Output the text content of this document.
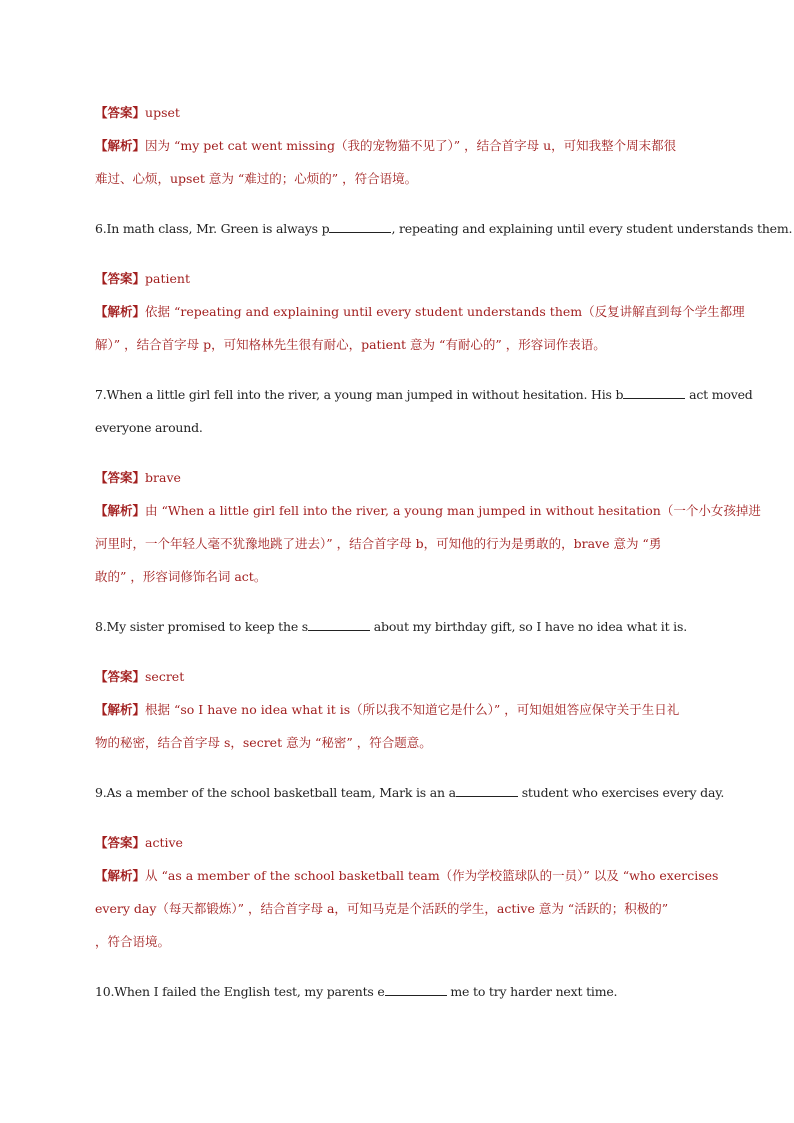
【答案】upset
【解析】因为 “my pet cat went missing（我的宠物猫不见了）” ，结合首字母 u，可知我整个周末都很
难过、心烦，upset 意为 “难过的；心烦的” ，符合语境。
6.In math class, Mr. Green is always p	, repeating and explaining until every student understands them.
【答案】patient
【解析】依据 “repeating and explaining until every student understands them（反复讲解直到每个学生都理
解）” ，结合首字母 p，可知格林先生很有耐心，patient 意为 “有耐心的” ，形容词作表语。
7.When a little girl fell into the river, a young man jumped in without hesitation. His b	act moved
everyone around.
【答案】brave
【解析】由 “When a little girl fell into the river, a young man jumped in without hesitation（一个小女孩掉进
河里时，一个年轻人毫不犹豫地跳了进去）” ，结合首字母 b，可知他的行为是勇敢的，brave 意为 “勇
敢的” ，形容词修饰名词 act。
8.My sister promised to keep the s	about my birthday gift, so I have no idea what it is.
【答案】secret
【解析】根据 “so I have no idea what it is（所以我不知道它是什么）” ，可知姐姐答应保守关于生日礼
物的秘密，结合首字母 s，secret 意为 “秘密” ，符合题意。
9.As a member of the school basketball team, Mark is an a	student who exercises every day.
【答案】active
【解析】从 “as a member of the school basketball team（作为学校篮球队的一员）” 以及 “who exercises
every day（每天都锻炼）” ，结合首字母 a，可知马克是个活跃的学生，active 意为 “活跃的；积极的”
，符合语境。
10.When I failed the English test, my parents e	me to try harder next time.
